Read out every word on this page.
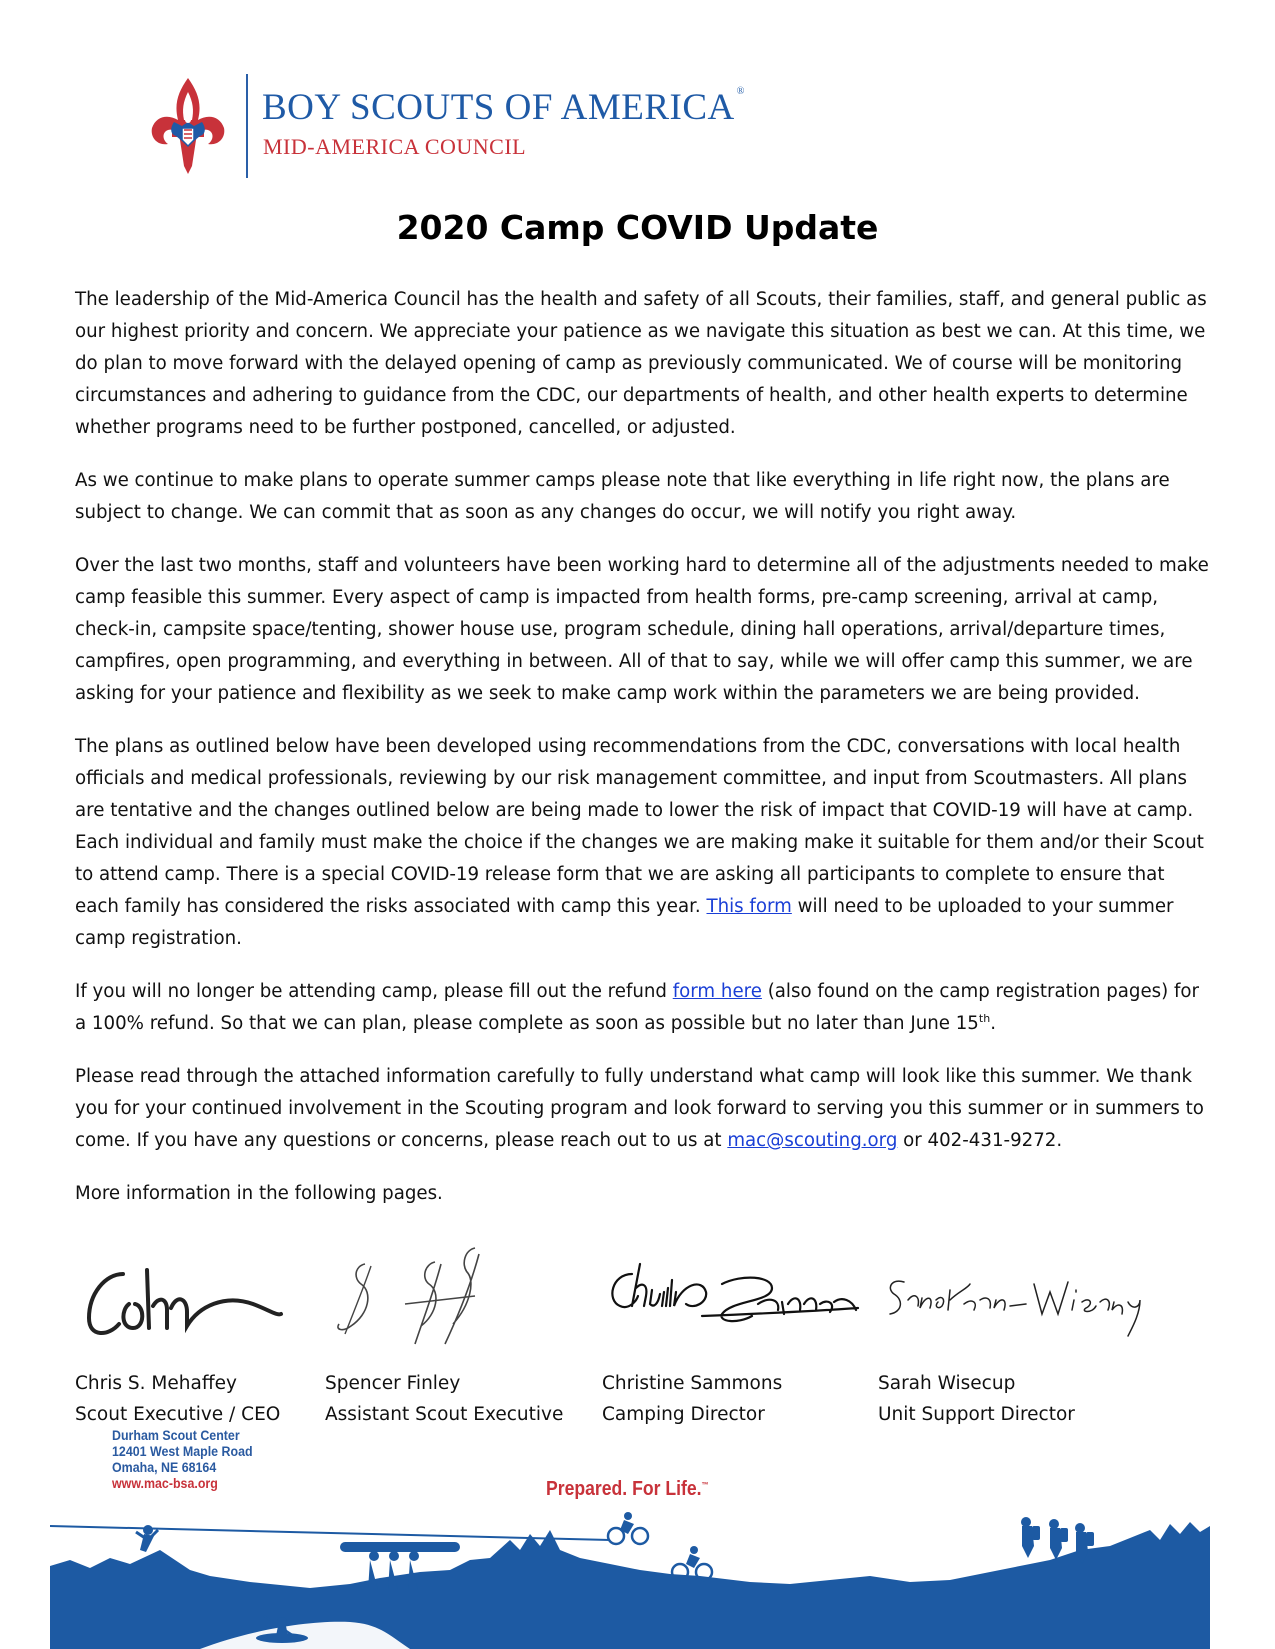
BOY SCOUTS OF AMERICA ®
MID-AMERICA COUNCIL
2020 Camp COVID Update

The leadership of the Mid-America Council has the health and safety of all Scouts, their families, staff, and general public as our highest priority and concern. We appreciate your patience as we navigate this situation as best we can. At this time, we do plan to move forward with the delayed opening of camp as previously communicated. We of course will be monitoring circumstances and adhering to guidance from the CDC, our departments of health, and other health experts to determine whether programs need to be further postponed, cancelled, or adjusted.

As we continue to make plans to operate summer camps please note that like everything in life right now, the plans are subject to change. We can commit that as soon as any changes do occur, we will notify you right away.

Over the last two months, staff and volunteers have been working hard to determine all of the adjustments needed to make camp feasible this summer. Every aspect of camp is impacted from health forms, pre-camp screening, arrival at camp, check-in, campsite space/tenting, shower house use, program schedule, dining hall operations, arrival/departure times, campfires, open programming, and everything in between. All of that to say, while we will offer camp this summer, we are asking for your patience and flexibility as we seek to make camp work within the parameters we are being provided.

The plans as outlined below have been developed using recommendations from the CDC, conversations with local health officials and medical professionals, reviewing by our risk management committee, and input from Scoutmasters. All plans are tentative and the changes outlined below are being made to lower the risk of impact that COVID-19 will have at camp. Each individual and family must make the choice if the changes we are making make it suitable for them and/or their Scout to attend camp. There is a special COVID-19 release form that we are asking all participants to complete to ensure that each family has considered the risks associated with camp this year. This form will need to be uploaded to your summer camp registration.

If you will no longer be attending camp, please fill out the refund form here (also found on the camp registration pages) for a 100% refund. So that we can plan, please complete as soon as possible but no later than June 15th.

Please read through the attached information carefully to fully understand what camp will look like this summer. We thank you for your continued involvement in the Scouting program and look forward to serving you this summer or in summers to come. If you have any questions or concerns, please reach out to us at mac@scouting.org or 402-431-9272.

More information in the following pages.

Chris S. Mehaffey
Scout Executive / CEO
Spencer Finley
Assistant Scout Executive
Christine Sammons
Camping Director
Sarah Wisecup
Unit Support Director
Durham Scout Center
12401 West Maple Road
Omaha, NE 68164
www.mac-bsa.org	Prepared. For Life.™
